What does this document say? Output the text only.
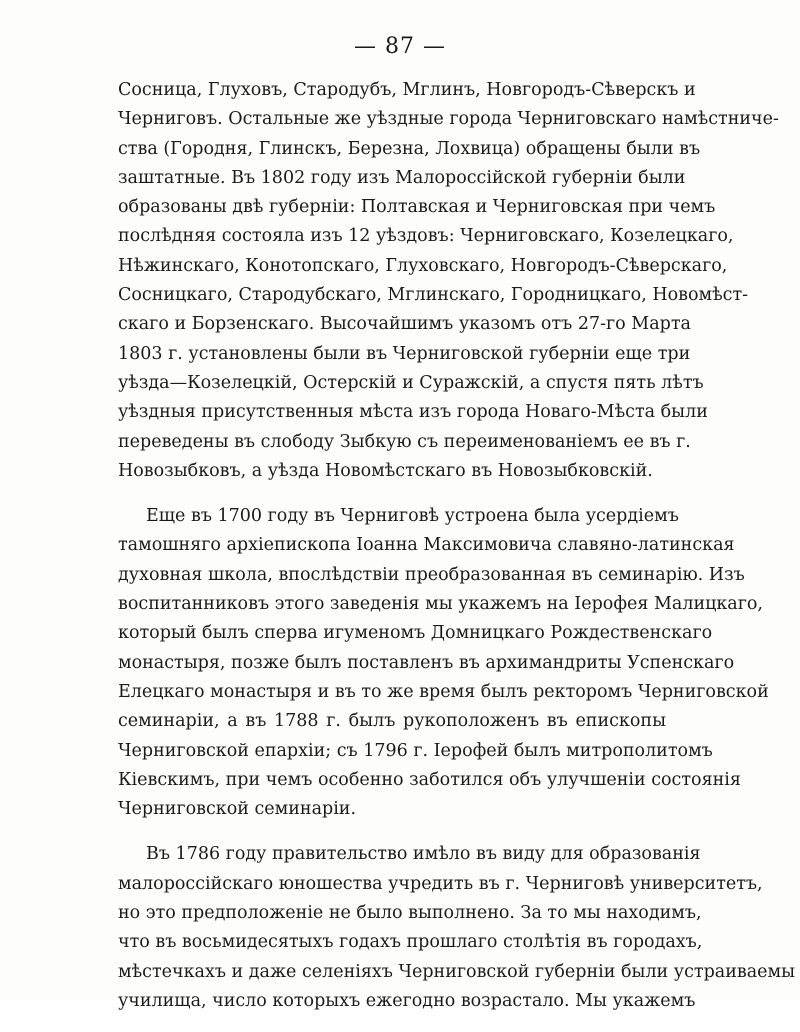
— 87 —
Сосница, Глуховъ, Стародубъ, Мглинъ, Новгородъ-Сѣверскъ и
Черниговъ. Остальные же уѣздные города Черниговскаго намѣстниче-
ства (Городня, Глинскъ, Березна, Лохвица) обращены были въ
заштатные. Въ 1802 году изъ Малороссійской губерніи были
образованы двѣ губерніи: Полтавская и Черниговская при чемъ
послѣдняя состояла изъ 12 уѣздовъ: Черниговскаго, Козелецкаго,
Нѣжинскаго, Конотопскаго, Глуховскаго, Новгородъ-Сѣверскаго,
Сосницкаго, Стародубскаго, Мглинскаго, Городницкаго, Новомѣст-
скаго и Борзенскаго. Высочайшимъ указомъ отъ 27-го Марта
1803 г. установлены были въ Черниговской губерніи еще три
уѣзда—Козелецкій, Остерскій и Суражскій, а спустя пять лѣтъ
уѣздныя присутственныя мѣста изъ города Новаго-Мѣста были
переведены въ слободу Зыбкую съ переименованіемъ ее въ г.
Новозыбковъ, а уѣзда Новомѣстскаго въ Новозыбковскій.
Еще въ 1700 году въ Черниговѣ устроена была усердіемъ
тамошняго архіепископа Іоанна Максимовича славяно-латинская
духовная школа, впослѣдствіи преобразованная въ семинарію. Изъ
воспитанниковъ этого заведенія мы укажемъ на Іерофея Малицкаго,
который былъ сперва игуменомъ Домницкаго Рождественскаго
монастыря, позже былъ поставленъ въ архимандриты Успенскаго
Елецкаго монастыря и въ то же время былъ ректоромъ Черниговской
семинаріи, а въ 1788 г. былъ рукоположенъ въ епископы
Черниговской епархіи; съ 1796 г. Іерофей былъ митрополитомъ
Кіевскимъ, при чемъ особенно заботился объ улучшеніи состоянія
Черниговской семинаріи.
Въ 1786 году правительство имѣло въ виду для образованія
малороссійскаго юношества учредить въ г. Черниговѣ университетъ,
но это предположеніе не было выполнено. За то мы находимъ,
что въ восьмидесятыхъ годахъ прошлаго столѣтія въ городахъ,
мѣстечкахъ и даже селеніяхъ Черниговской губерніи были устраиваемы
училища, число которыхъ ежегодно возрастало. Мы укажемъ
